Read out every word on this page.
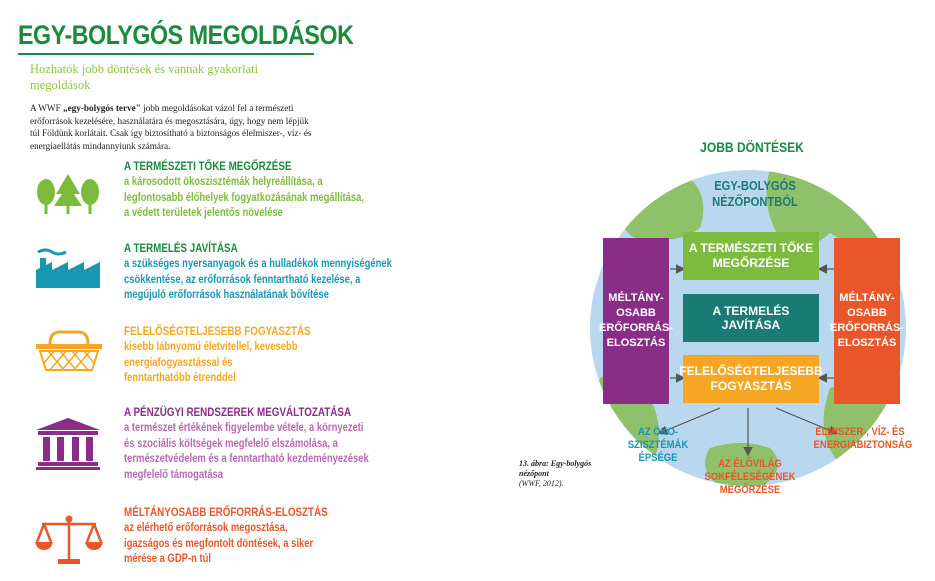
EGY-BOLYGÓS MEGOLDÁSOK
Hozhatók jobb döntések és vannak gyakorlati megoldások
A WWF „egy-bolygós terve" jobb megoldásokat vázol fel a természeti erőforrások kezelésére, használatára és megosztására, úgy, hogy nem lépjük túl Földünk korlátait. Csak így biztosítható a biztonságos élelmiszer-, víz- és energiaellátás mindannyiunk számára.
A TERMÉSZETI TŐKE MEGŐRZÉSE
a károsodott ökoszisztémák helyreállítása, a
legfontosabb élőhelyek fogyatkozásának megállítása,
a védett területek jelentős növelése
A TERMELÉS JAVÍTÁSA
a szükséges nyersanyagok és a hulladékok mennyiségének
csökkentése, az erőforrások fenntartható kezelése, a
megújuló erőforrások használatának bővítése
FELELŐSÉGTELJESEBB FOGYASZTÁS
kisebb lábnyomú életvitellel, kevesebb
energiafogyasztással és
fenntarthatóbb étrenddel
A PÉNZÜGYI RENDSZEREK MEGVÁLTOZATÁSA
a természet értékének figyelembe vétele, a környezeti
és szociális költségek megfelelő elszámolása, a
természetvédelem és a fenntartható kezdeményezések
megfelelő támogatása
MÉLTÁNYOSABB ERŐFORRÁS-ELOSZTÁS
az elérhető erőforrások megosztása,
igazságos és megfontolt döntések, a siker
mérése a GDP-n túl
13. ábra: Egy-bolygós nézőpont
(WWF, 2012).
JOBB DÖNTÉSEK
EGY-BOLYGÓS NÉZŐPONTBÓL
A TERMÉSZETI TŐKE MEGŐRZÉSE
A TERMELÉS JAVÍTÁSA
FELELŐSÉGTELJESEBB FOGYASZTÁS
MÉLTÁNY-OSABB ERŐFORRÁS-ELOSZTÁS
MÉLTÁNY-OSABB ERŐFORRÁS-ELOSZTÁS
AZ ÖKO-SZISZTÉMÁK ÉPSÉGE	AZ ÉLŐVILÁG SOKFÉLESÉGÉNEK MEGŐRZÉSE
ÉLMISZER-, VÍZ- ÉS ENERGIABIZTONSÁG
